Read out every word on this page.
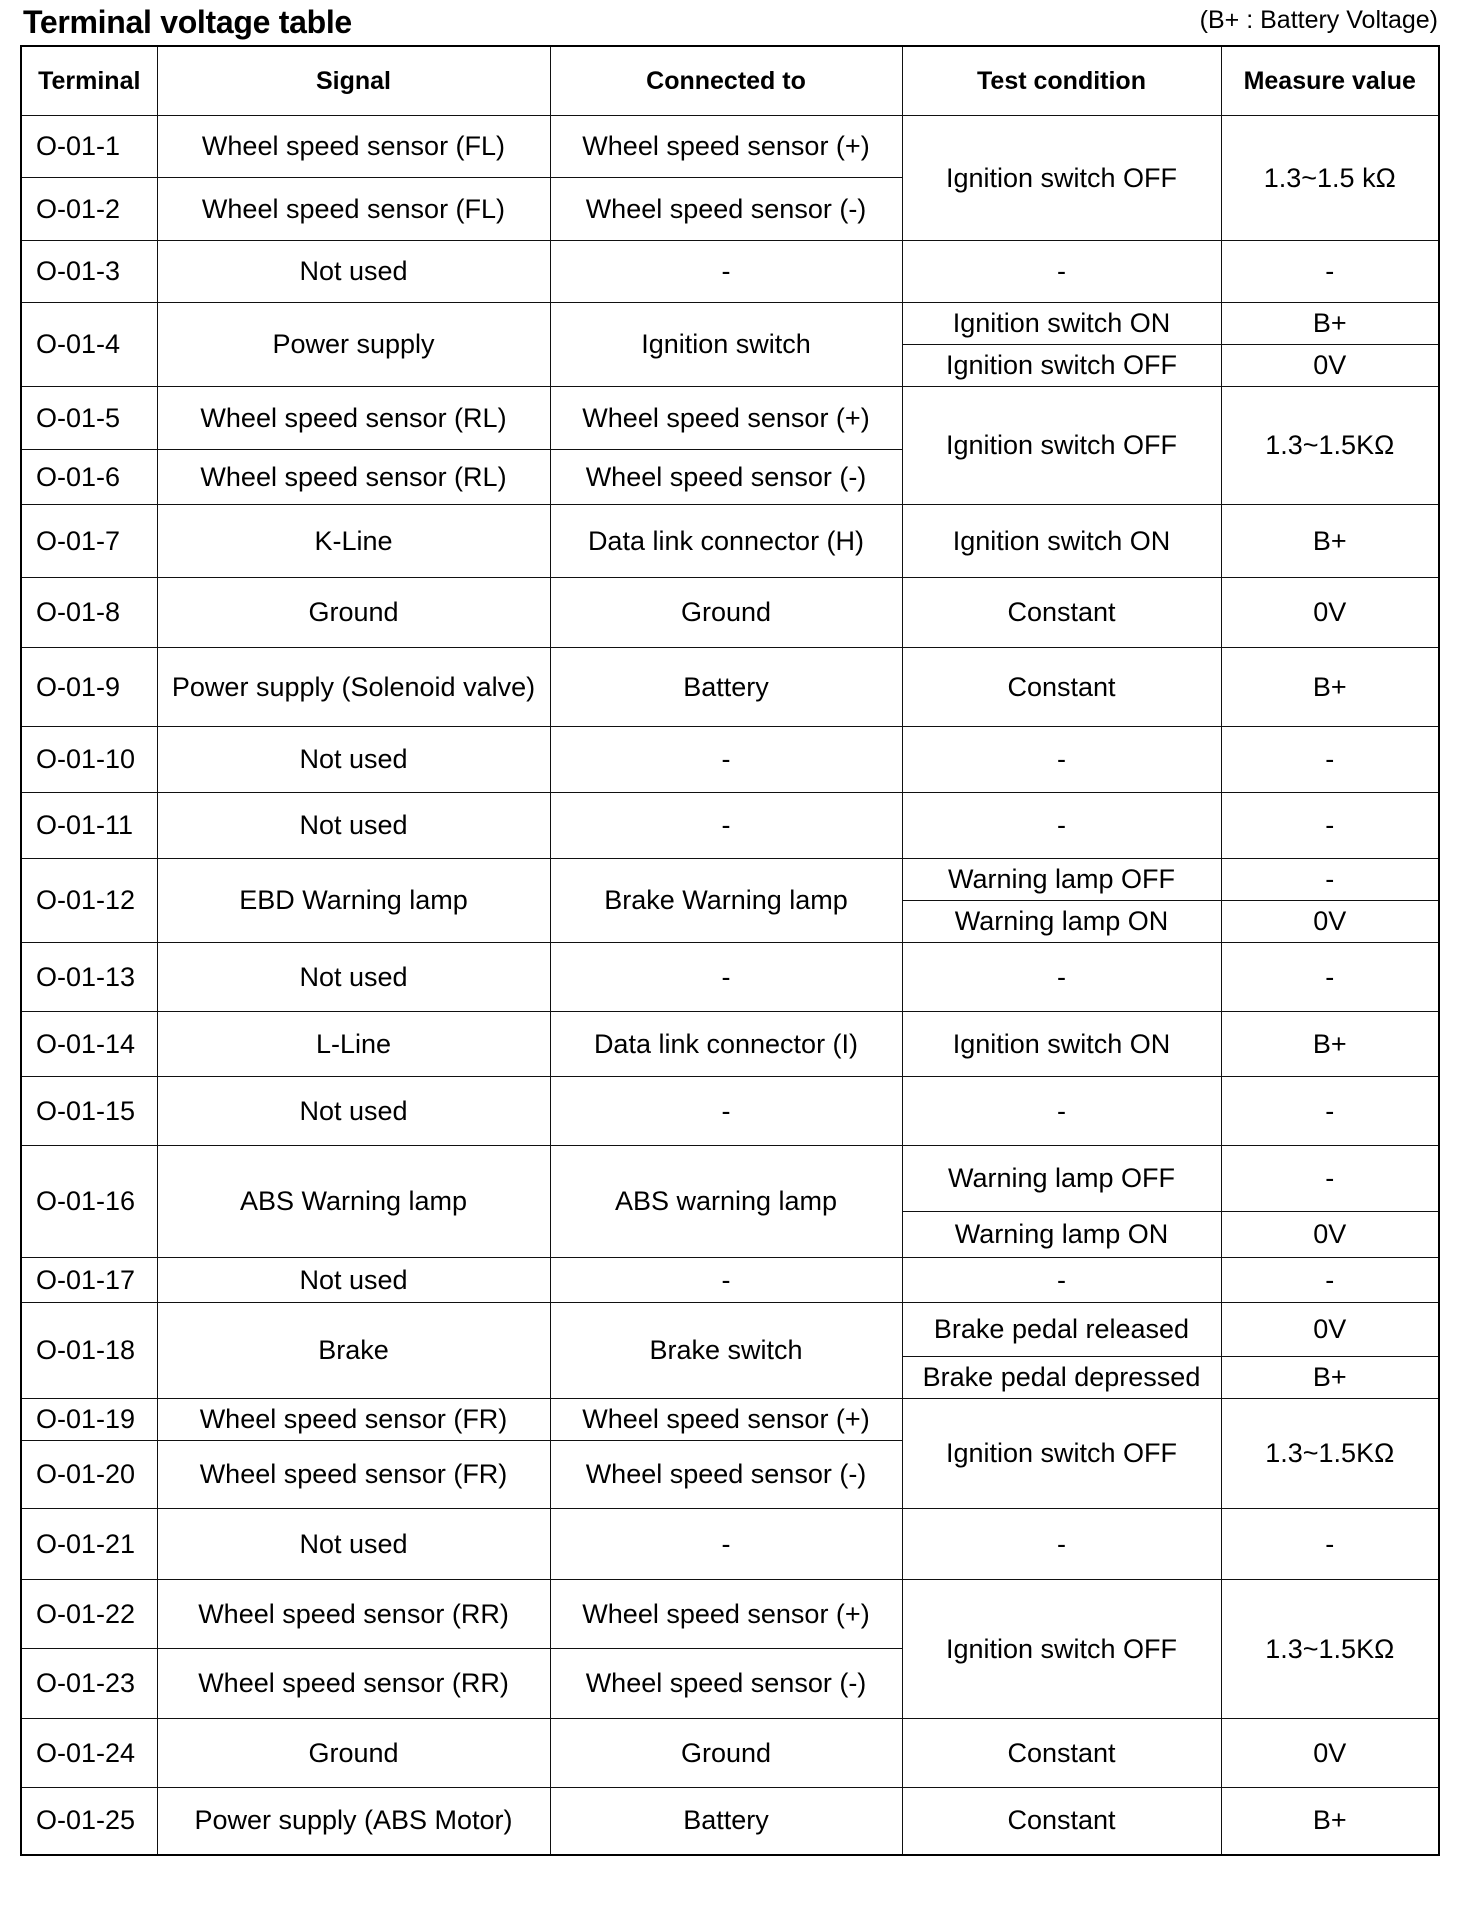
Terminal voltage table	(B+ : Battery Voltage)
Terminal	Signal	Connected to	Test condition	Measure value
O-01-1	Wheel speed sensor (FL)	Wheel speed sensor (+)	Ignition switch OFF	1.3~1.5 kΩ
O-01-2	Wheel speed sensor (FL)	Wheel speed sensor (-)		
O-01-3	Not used	-	-	-
O-01-4	Power supply	Ignition switch	Ignition switch ON	B+
			Ignition switch OFF	0V
O-01-5	Wheel speed sensor (RL)	Wheel speed sensor (+)	Ignition switch OFF	1.3~1.5KΩ
O-01-6	Wheel speed sensor (RL)	Wheel speed sensor (-)		
O-01-7	K-Line	Data link connector (H)	Ignition switch ON	B+
O-01-8	Ground	Ground	Constant	0V
O-01-9	Power supply (Solenoid valve)	Battery	Constant	B+
O-01-10	Not used	-	-	-
O-01-11	Not used	-	-	-
O-01-12	EBD Warning lamp	Brake Warning lamp	Warning lamp OFF	-
			Warning lamp ON	0V
O-01-13	Not used	-	-	-
O-01-14	L-Line	Data link connector (I)	Ignition switch ON	B+
O-01-15	Not used	-	-	-
O-01-16	ABS Warning lamp	ABS warning lamp	Warning lamp OFF	-
			Warning lamp ON	0V
O-01-17	Not used	-	-	-
O-01-18	Brake	Brake switch	Brake pedal released	0V
			Brake pedal depressed	B+
O-01-19	Wheel speed sensor (FR)	Wheel speed sensor (+)	Ignition switch OFF	1.3~1.5KΩ
O-01-20	Wheel speed sensor (FR)	Wheel speed sensor (-)		
O-01-21	Not used	-	-	-
O-01-22	Wheel speed sensor (RR)	Wheel speed sensor (+)	Ignition switch OFF	1.3~1.5KΩ
O-01-23	Wheel speed sensor (RR)	Wheel speed sensor (-)		
O-01-24	Ground	Ground	Constant	0V
O-01-25	Power supply (ABS Motor)	Battery	Constant	B+
